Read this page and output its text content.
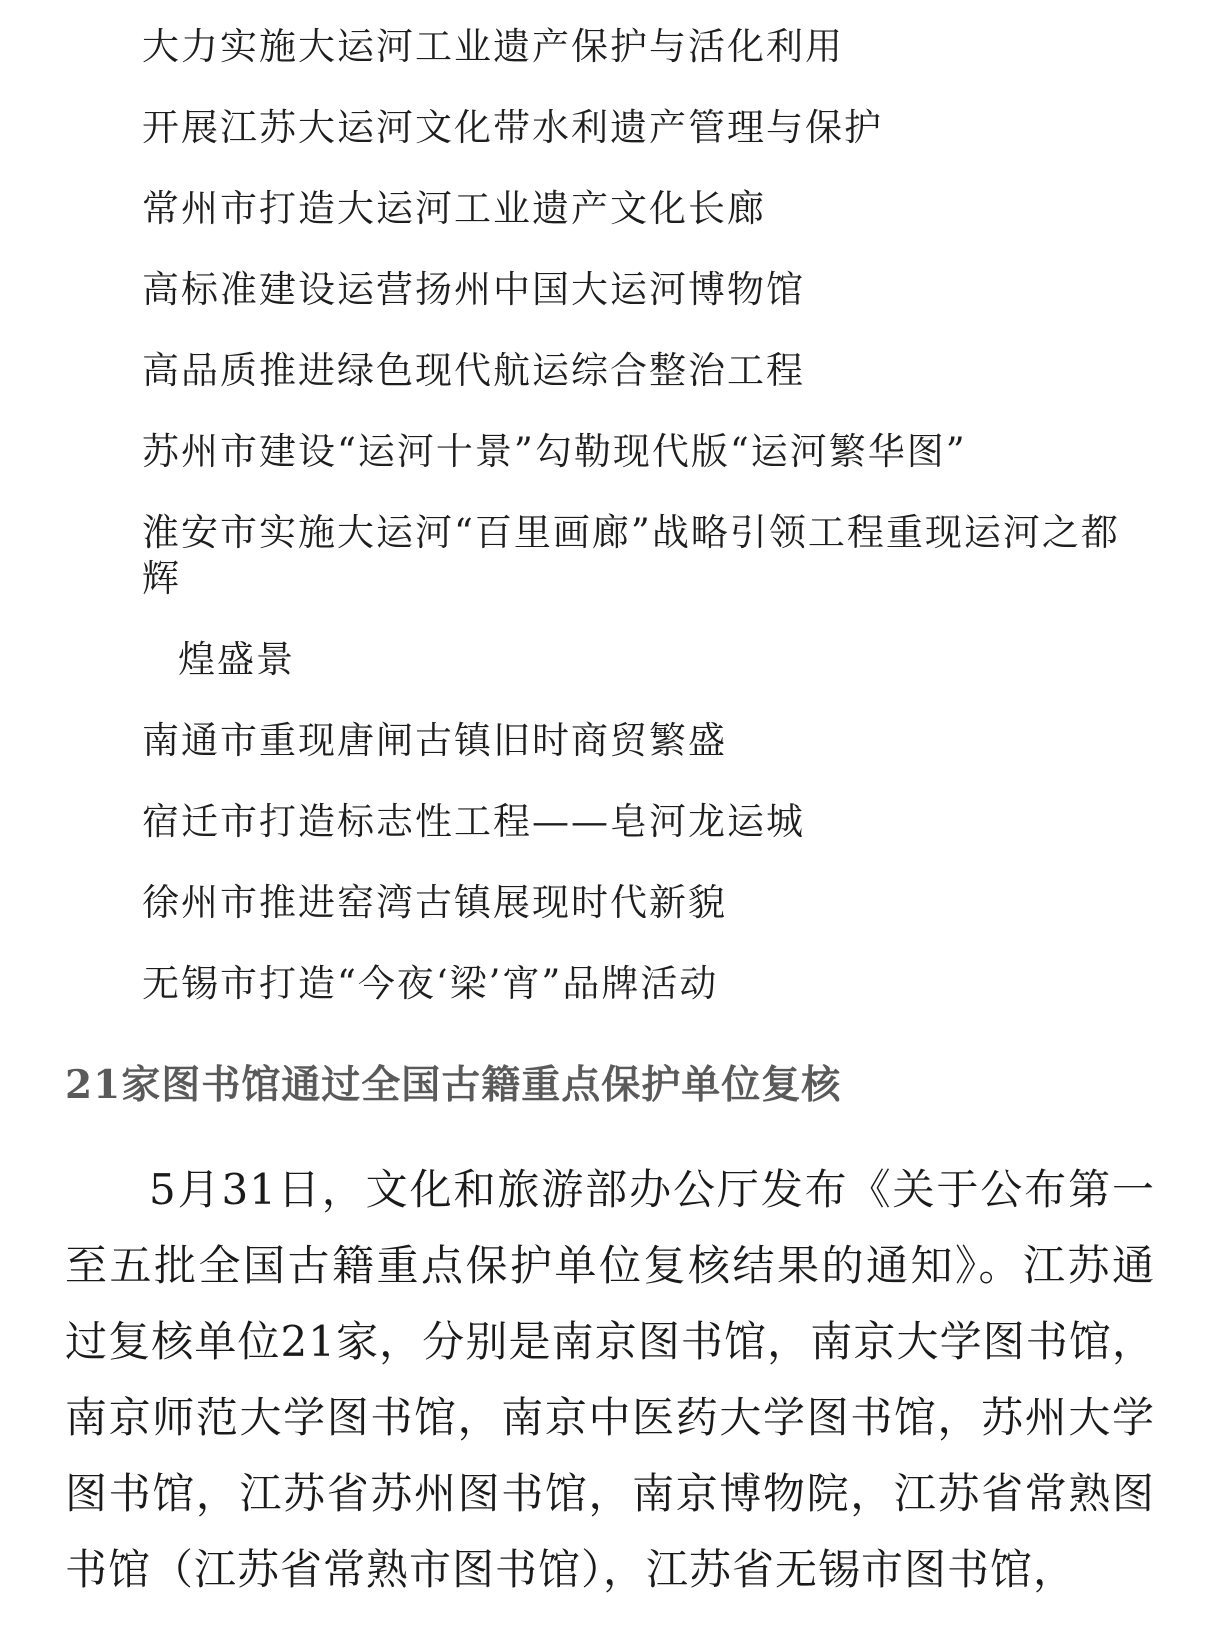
大力实施大运河工业遗产保护与活化利用
开展江苏大运河文化带水利遗产管理与保护
常州市打造大运河工业遗产文化长廊
高标准建设运营扬州中国大运河博物馆
高品质推进绿色现代航运综合整治工程
苏州市建设“运河十景”勾勒现代版“运河繁华图”
淮安市实施大运河“百里画廊”战略引领工程重现运河之都辉
煌盛景
南通市重现唐闸古镇旧时商贸繁盛
宿迁市打造标志性工程——皂河龙运城
徐州市推进窑湾古镇展现时代新貌
无锡市打造“今夜‘梁’宵”品牌活动
21家图书馆通过全国古籍重点保护单位复核
5月31日，文化和旅游部办公厅发布《关于公布第一至五批全国古籍重点保护单位复核结果的通知》。江苏通过复核单位21家，分别是南京图书馆，南京大学图书馆，南京师范大学图书馆，南京中医药大学图书馆，苏州大学图书馆，江苏省苏州图书馆，南京博物院，江苏省常熟图书馆（江苏省常熟市图书馆），江苏省无锡市图书馆，
